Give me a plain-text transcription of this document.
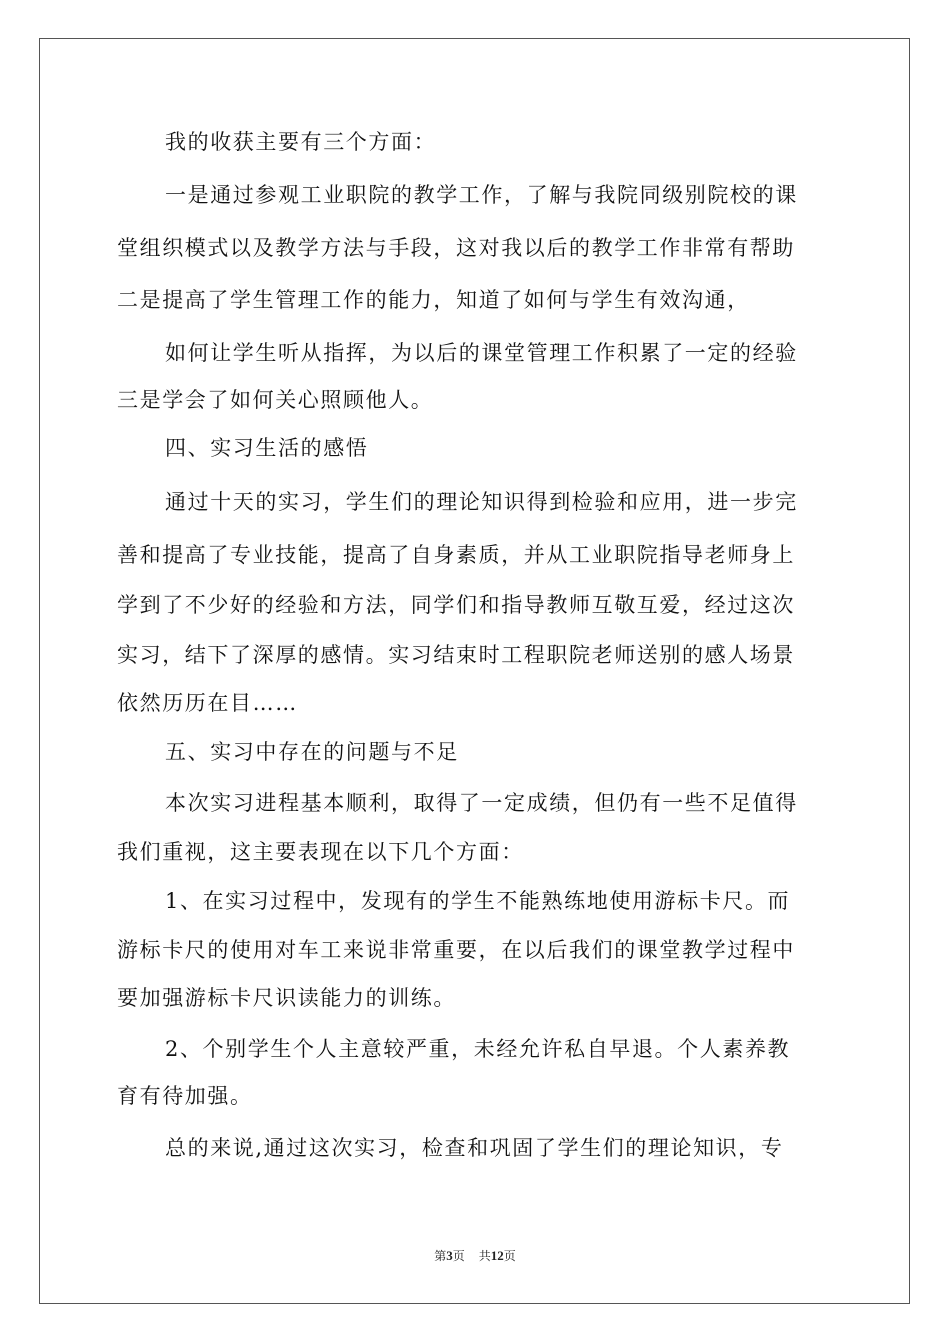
我的收获主要有三个方面：
一是通过参观工业职院的教学工作，了解与我院同级别院校的课
堂组织模式以及教学方法与手段，这对我以后的教学工作非常有帮助
二是提高了学生管理工作的能力，知道了如何与学生有效沟通，
如何让学生听从指挥，为以后的课堂管理工作积累了一定的经验
三是学会了如何关心照顾他人。
四、实习生活的感悟
通过十天的实习，学生们的理论知识得到检验和应用，进一步完
善和提高了专业技能，提高了自身素质，并从工业职院指导老师身上
学到了不少好的经验和方法，同学们和指导教师互敬互爱，经过这次
实习，结下了深厚的感情。实习结束时工程职院老师送别的感人场景
依然历历在目……
五、实习中存在的问题与不足
本次实习进程基本顺利，取得了一定成绩，但仍有一些不足值得
我们重视，这主要表现在以下几个方面：
1、在实习过程中，发现有的学生不能熟练地使用游标卡尺。而
游标卡尺的使用对车工来说非常重要，在以后我们的课堂教学过程中
要加强游标卡尺识读能力的训练。
2、个别学生个人主意较严重，未经允许私自早退。个人素养教
育有待加强。
总的来说,通过这次实习，检查和巩固了学生们的理论知识，专
第3页 共12页
